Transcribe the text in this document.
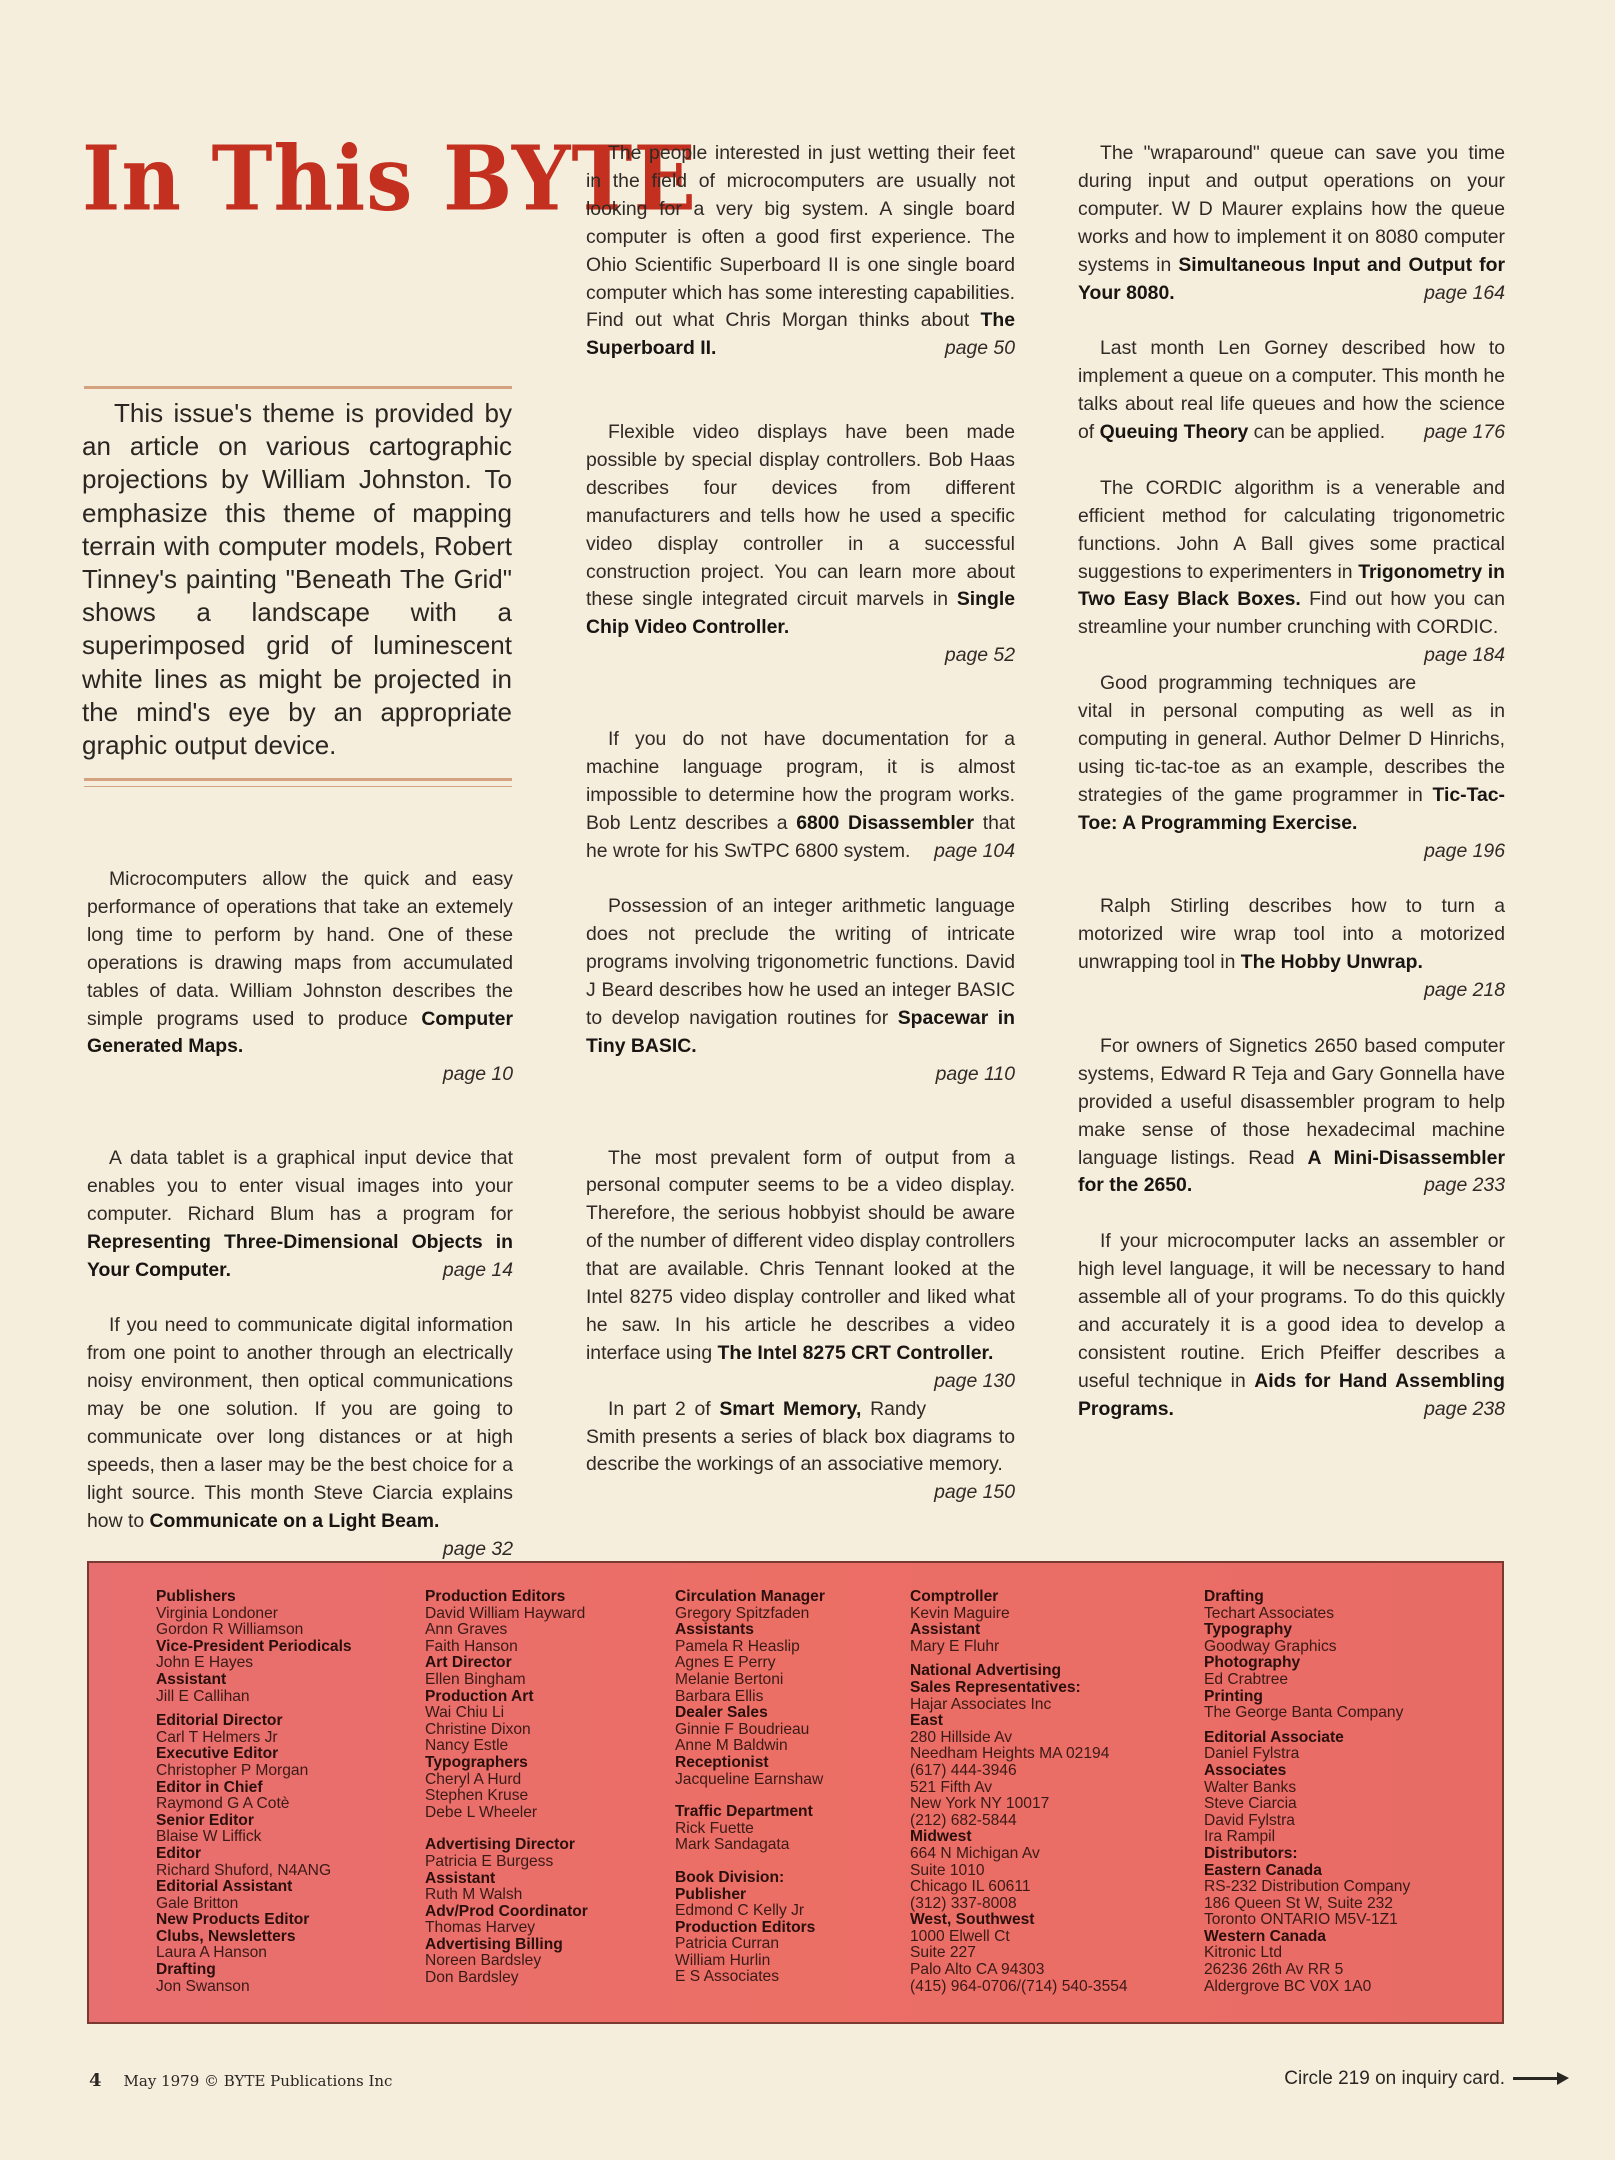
In This BYTE

This issue's theme is provided by an article on various cartographic projections by William Johnston. To emphasize this theme of mapping terrain with computer models, Robert Tinney's painting "Beneath The Grid" shows a landscape with a superimposed grid of luminescent white lines as might be projected in the mind's eye by an appropriate graphic output device.

Microcomputers allow the quick and easy performance of operations that take an extemely long time to perform by hand. One of these operations is drawing maps from accumulated tables of data. William Johnston describes the simple programs used to produce Computer Generated Maps.
page 10

A data tablet is a graphical input device that enables you to enter visual images into your computer. Richard Blum has a program for Representing Three-Dimensional Objects in Your Computer.	page 14

If you need to communicate digital information from one point to another through an electrically noisy environment, then optical communications may be one solution. If you are going to communicate over long distances or at high speeds, then a laser may be the best choice for a light source. This month Steve Ciarcia explains how to Communicate on a Light Beam.
page 32

The people interested in just wetting their feet in the field of microcomputers are usually not looking for a very big system. A single board computer is often a good first experience. The Ohio Scientific Superboard II is one single board computer which has some interesting capabilities. Find out what Chris Morgan thinks about The Superboard II.	page 50

Flexible video displays have been made possible by special display controllers. Bob Haas describes four devices from different manufacturers and tells how he used a specific video display controller in a successful construction project. You can learn more about these single integrated circuit marvels in Single Chip Video Controller.
page 52

If you do not have documentation for a machine language program, it is almost impossible to determine how the program works. Bob Lentz describes a 6800 Disassembler that he wrote for his SwTPC 6800 system.	page 104

Possession of an integer arithmetic language does not preclude the writing of intricate programs involving trigonometric functions. David J Beard describes how he used an integer BASIC to develop navigation routines for Spacewar in Tiny BASIC.
page 110

The most prevalent form of output from a personal computer seems to be a video display. Therefore, the serious hobbyist should be aware of the number of different video display controllers that are available. Chris Tennant looked at the Intel 8275 video display controller and liked what he saw. In his article he describes a video interface using The Intel 8275 CRT Controller.
page 130

In part 2 of Smart Memory, Randy Smith presents a series of black box diagrams to describe the workings of an associative memory.
page 150

The "wraparound" queue can save you time during input and output operations on your computer. W D Maurer explains how the queue works and how to implement it on 8080 computer systems in Simultaneous Input and Output for Your 8080.	page 164

Last month Len Gorney described how to implement a queue on a computer. This month he talks about real life queues and how the science of Queuing Theory can be applied.	page 176

The CORDIC algorithm is a venerable and efficient method for calculating trigonometric functions. John A Ball gives some practical suggestions to experimenters in Trigonometry in Two Easy Black Boxes. Find out how you can streamline your number crunching with CORDIC.
page 184

Good programming techniques are vital in personal computing as well as in computing in general. Author Delmer D Hinrichs, using tic-tac-toe as an example, describes the strategies of the game programmer in Tic-Tac-Toe: A Programming Exercise.
page 196

Ralph Stirling describes how to turn a motorized wire wrap tool into a motorized unwrapping tool in The Hobby Unwrap.
page 218

For owners of Signetics 2650 based computer systems, Edward R Teja and Gary Gonnella have provided a useful disassembler program to help make sense of those hexadecimal machine language listings. Read A Mini-Disassembler for the 2650.	page 233

If your microcomputer lacks an assembler or high level language, it will be necessary to hand assemble all of your programs. To do this quickly and accurately it is a good idea to develop a consistent routine. Erich Pfeiffer describes a useful technique in Aids for Hand Assembling Programs.	page 238

Publishers
Virginia Londoner
Gordon R Williamson
Vice-President Periodicals
John E Hayes
Assistant
Jill E Callihan
Editorial Director
Carl T Helmers Jr
Executive Editor
Christopher P Morgan
Editor in Chief
Raymond G A Cotè
Senior Editor
Blaise W Liffick
Editor
Richard Shuford, N4ANG
Editorial Assistant
Gale Britton
New Products Editor
Clubs, Newsletters
Laura A Hanson
Drafting
Jon Swanson
Production Editors
David William Hayward
Ann Graves
Faith Hanson
Art Director
Ellen Bingham
Production Art
Wai Chiu Li
Christine Dixon
Nancy Estle
Typographers
Cheryl A Hurd
Stephen Kruse
Debe L Wheeler
Advertising Director
Patricia E Burgess
Assistant
Ruth M Walsh
Adv/Prod Coordinator
Thomas Harvey
Advertising Billing
Noreen Bardsley
Don Bardsley
Circulation Manager
Gregory Spitzfaden
Assistants
Pamela R Heaslip
Agnes E Perry
Melanie Bertoni
Barbara Ellis
Dealer Sales
Ginnie F Boudrieau
Anne M Baldwin
Receptionist
Jacqueline Earnshaw
Traffic Department
Rick Fuette
Mark Sandagata
Book Division:
Publisher
Edmond C Kelly Jr
Production Editors
Patricia Curran
William Hurlin
E S Associates
Comptroller
Kevin Maguire
Assistant
Mary E Fluhr
National Advertising
Sales Representatives:
Hajar Associates Inc
East
280 Hillside Av
Needham Heights MA 02194
(617) 444-3946
521 Fifth Av
New York NY 10017
(212) 682-5844
Midwest
664 N Michigan Av
Suite 1010
Chicago IL 60611
(312) 337-8008
West, Southwest
1000 Elwell Ct
Suite 227
Palo Alto CA 94303
(415) 964-0706/(714) 540-3554
Drafting
Techart Associates
Typography
Goodway Graphics
Photography
Ed Crabtree
Printing
The George Banta Company
Editorial Associate
Daniel Fylstra
Associates
Walter Banks
Steve Ciarcia
David Fylstra
Ira Rampil
Distributors:
Eastern Canada
RS-232 Distribution Company
186 Queen St W, Suite 232
Toronto ONTARIO M5V-1Z1
Western Canada
Kitronic Ltd
26236 26th Av RR 5
Aldergrove BC V0X 1A0
4 May 1979 © BYTE Publications Inc	Circle 219 on inquiry card.
